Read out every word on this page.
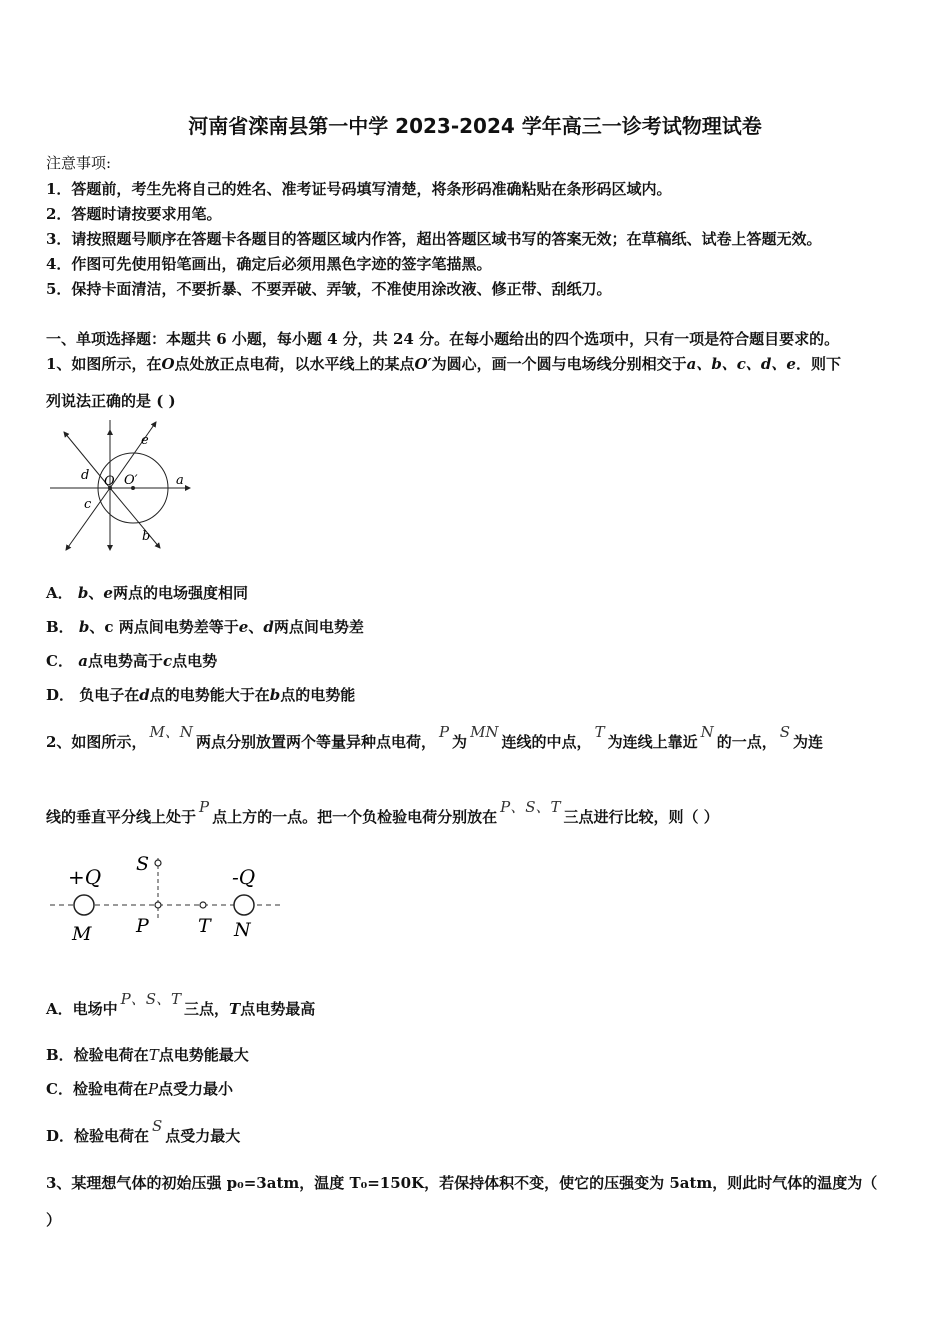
河南省滦南县第一中学 2023-2024 学年高三一诊考试物理试卷
注意事项:
1．答题前，考生先将自己的姓名、准考证号码填写清楚，将条形码准确粘贴在条形码区域内。
2．答题时请按要求用笔。
3．请按照题号顺序在答题卡各题目的答题区域内作答，超出答题区域书写的答案无效；在草稿纸、试卷上答题无效。
4．作图可先使用铅笔画出，确定后必须用黑色字迹的签字笔描黑。
5．保持卡面清洁，不要折暴、不要弄破、弄皱，不准使用涂改液、修正带、刮纸刀。
一、单项选择题：本题共 6 小题，每小题 4 分，共 24 分。在每小题给出的四个选项中，只有一项是符合题目要求的。
1、如图所示，在O点处放正点电荷，以水平线上的某点O′为圆心，画一个圆与电场线分别相交于a、b、c、d、e．则下
列说法正确的是 ( )
e
d O O′	a
c
b
A． b、e两点的电场强度相同
B． b、c 两点间电势差等于e、d两点间电势差
C． a点电势高于c点电势
D． 负电子在d点的电势能大于在b点的电势能
2、如图所示，M、N两点分别放置两个等量异种点电荷，P为MN连线的中点，T为连线上靠近N的一点，S为连
线的垂直平分线上处于P点上方的一点。把一个负检验电荷分别放在P、S、T三点进行比较，则（ ）
+Q	-Q
S
M P	T N
A．电场中P、S、T三点，T点电势最高
B．检验电荷在T点电势能最大
C．检验电荷在P点受力最小
D．检验电荷在S点受力最大
3、某理想气体的初始压强 p₀=3atm，温度 T₀=150K，若保持体积不变，使它的压强变为 5atm，则此时气体的温度为（
）
